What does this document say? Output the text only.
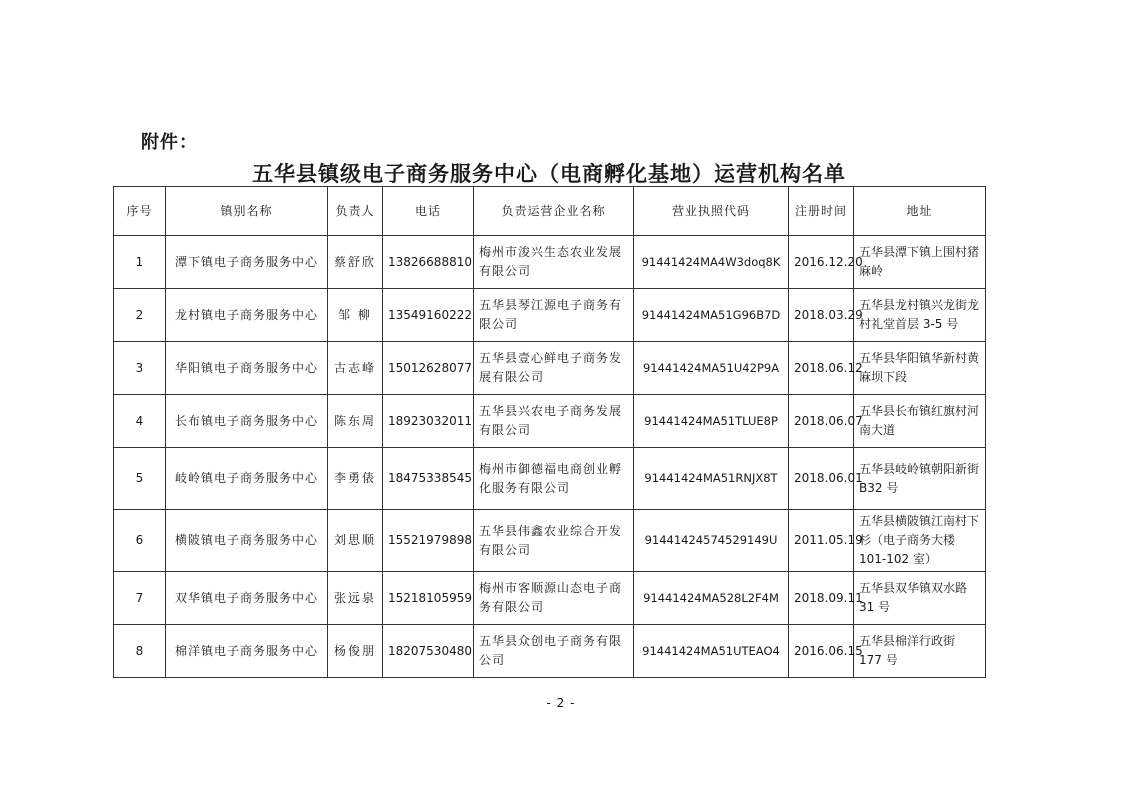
附件：
五华县镇级电子商务服务中心（电商孵化基地）运营机构名单
序号	镇别名称	负责人	电话	负责运营企业名称	营业执照代码	注册时间	地址
1	潭下镇电子商务服务中心	蔡舒欣	13826688810	梅州市浚兴生态农业发展有限公司	91441424MA4W3doq8K	2016.12.20	五华县潭下镇上围村猪麻岭
2	龙村镇电子商务服务中心	邹 柳	13549160222	五华县琴江源电子商务有限公司	91441424MA51G96B7D	2018.03.29	五华县龙村镇兴龙街龙村礼堂首层 3-5 号
3	华阳镇电子商务服务中心	古志峰	15012628077	五华县壹心鲜电子商务发展有限公司	91441424MA51U42P9A	2018.06.12	五华县华阳镇华新村黄麻坝下段
4	长布镇电子商务服务中心	陈东周	18923032011	五华县兴农电子商务发展有限公司	91441424MA51TLUE8P	2018.06.07	五华县长布镇红旗村河南大道
5	岐岭镇电子商务服务中心	李勇俵	18475338545	梅州市御德福电商创业孵化服务有限公司	91441424MA51RNJX8T	2018.06.01	五华县岐岭镇朝阳新街 B32 号
6	横陂镇电子商务服务中心	刘思顺	15521979898	五华县伟鑫农业综合开发有限公司	91441424574529149U	2011.05.19	五华县横陂镇江南村下杉（电子商务大楼 101-102 室）
7	双华镇电子商务服务中心	张远泉	15218105959	梅州市客顺源山态电子商务有限公司	91441424MA528L2F4M	2018.09.11	五华县双华镇双水路 31 号
8	棉洋镇电子商务服务中心	杨俊朋	18207530480	五华县众创电子商务有限公司	91441424MA51UTEAO4	2016.06.15	五华县棉洋行政街 177 号
- 2 -
